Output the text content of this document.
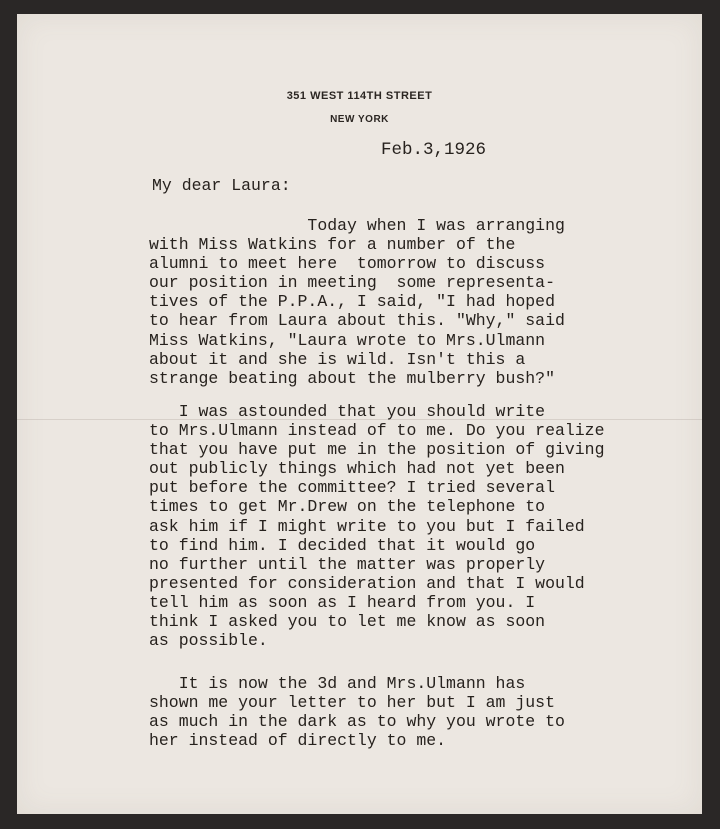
351 WEST 114TH STREET
NEW YORK
Feb.3,1926
My dear Laura:
Today when I was arranging
with Miss Watkins for a number of the
alumni to meet here  tomorrow to discuss
our position in meeting  some representa-
tives of the P.P.A., I said, "I had hoped
to hear from Laura about this. "Why," said
Miss Watkins, "Laura wrote to Mrs.Ulmann
about it and she is wild. Isn't this a
strange beating about the mulberry bush?"
I was astounded that you should write
to Mrs.Ulmann instead of to me. Do you realize
that you have put me in the position of giving
out publicly things which had not yet been
put before the committee? I tried several
times to get Mr.Drew on the telephone to
ask him if I might write to you but I failed
to find him. I decided that it would go
no further until the matter was properly
presented for consideration and that I would
tell him as soon as I heard from you. I
think I asked you to let me know as soon
as possible.
It is now the 3d and Mrs.Ulmann has
shown me your letter to her but I am just
as much in the dark as to why you wrote to
her instead of directly to me.
